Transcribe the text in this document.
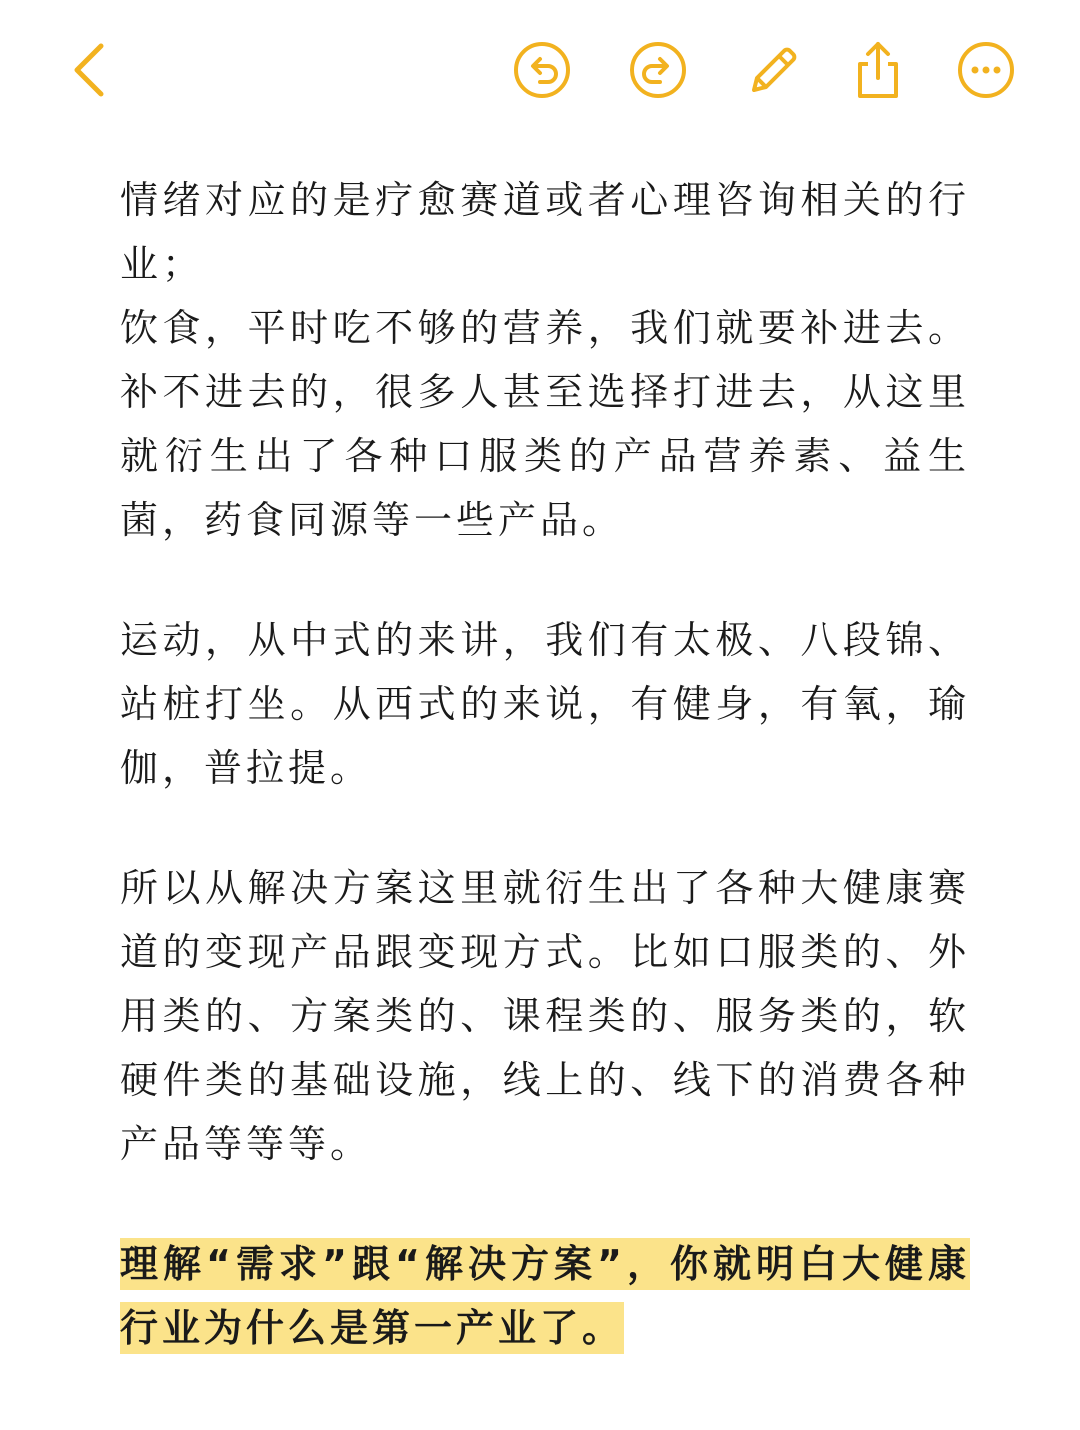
情绪对应的是疗愈赛道或者心理咨询相关的行业；

饮食，平时吃不够的营养，我们就要补进去。补不进去的，很多人甚至选择打进去，从这里就衍生出了各种口服类的产品营养素、益生菌，药食同源等一些产品。

运动，从中式的来讲，我们有太极、八段锦、站桩打坐。从西式的来说，有健身，有氧，瑜伽，普拉提。

所以从解决方案这里就衍生出了各种大健康赛道的变现产品跟变现方式。比如口服类的、外用类的、方案类的、课程类的、服务类的，软硬件类的基础设施，线上的、线下的消费各种产品等等等。

理解“需求”跟“解决方案”，你就明白大健康行业为什么是第一产业了。
